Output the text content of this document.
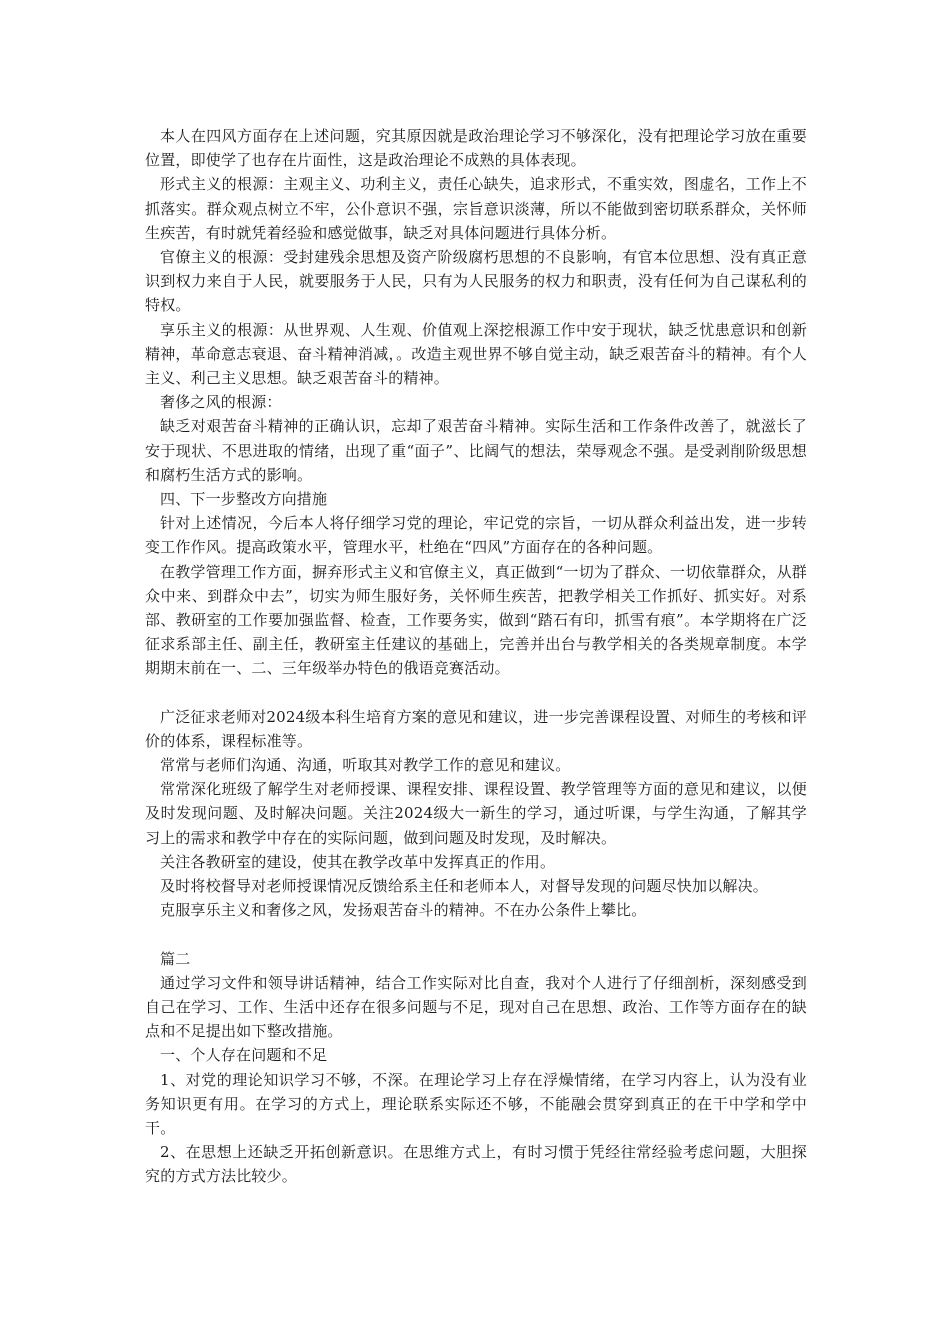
本人在四风方面存在上述问题，究其原因就是政治理论学习不够深化，没有把理论学习放在重要位置，即使学了也存在片面性，这是政治理论不成熟的具体表现。

形式主义的根源：主观主义、功利主义，责任心缺失，追求形式，不重实效，图虚名，工作上不抓落实。群众观点树立不牢，公仆意识不强，宗旨意识淡薄，所以不能做到密切联系群众，关怀师生疾苦，有时就凭着经验和感觉做事，缺乏对具体问题进行具体分析。

官僚主义的根源：受封建残余思想及资产阶级腐朽思想的不良影响，有官本位思想、没有真正意识到权力来自于人民，就要服务于人民，只有为人民服务的权力和职责，没有任何为自己谋私利的特权。

享乐主义的根源：从世界观、人生观、价值观上深挖根源工作中安于现状，缺乏忧患意识和创新精神，革命意志衰退、奋斗精神消减，。改造主观世界不够自觉主动，缺乏艰苦奋斗的精神。有个人主义、利己主义思想。缺乏艰苦奋斗的精神。

奢侈之风的根源：

缺乏对艰苦奋斗精神的正确认识，忘却了艰苦奋斗精神。实际生活和工作条件改善了，就滋长了安于现状、不思进取的情绪，出现了重“面子”、比阔气的想法，荣辱观念不强。是受剥削阶级思想和腐朽生活方式的影响。

四、下一步整改方向措施

针对上述情况，今后本人将仔细学习党的理论，牢记党的宗旨，一切从群众利益出发，进一步转变工作作风。提高政策水平，管理水平，杜绝在“四风”方面存在的各种问题。

在教学管理工作方面，摒弃形式主义和官僚主义，真正做到“一切为了群众、一切依靠群众，从群众中来、到群众中去”，切实为师生服好务，关怀师生疾苦，把教学相关工作抓好、抓实好。对系部、教研室的工作要加强监督、检查，工作要务实，做到“踏石有印，抓雪有痕”。本学期将在广泛征求系部主任、副主任，教研室主任建议的基础上，完善并出台与教学相关的各类规章制度。本学期期末前在一、二、三年级举办特色的俄语竞赛活动。

广泛征求老师对2024级本科生培育方案的意见和建议，进一步完善课程设置、对师生的考核和评价的体系，课程标准等。

常常与老师们沟通、沟通，听取其对教学工作的意见和建议。

常常深化班级了解学生对老师授课、课程安排、课程设置、教学管理等方面的意见和建议，以便及时发现问题、及时解决问题。关注2024级大一新生的学习，通过听课，与学生沟通，了解其学习上的需求和教学中存在的实际问题，做到问题及时发现，及时解决。

关注各教研室的建设，使其在教学改革中发挥真正的作用。

及时将校督导对老师授课情况反馈给系主任和老师本人，对督导发现的问题尽快加以解决。

克服享乐主义和奢侈之风，发扬艰苦奋斗的精神。不在办公条件上攀比。

篇二

通过学习文件和领导讲话精神，结合工作实际对比自查，我对个人进行了仔细剖析，深刻感受到自己在学习、工作、生活中还存在很多问题与不足，现对自己在思想、政治、工作等方面存在的缺点和不足提出如下整改措施。

一、个人存在问题和不足

1、对党的理论知识学习不够，不深。在理论学习上存在浮燥情绪，在学习内容上，认为没有业务知识更有用。在学习的方式上，理论联系实际还不够，不能融会贯穿到真正的在干中学和学中干。

2、在思想上还缺乏开拓创新意识。在思维方式上，有时习惯于凭经往常经验考虑问题，大胆探究的方式方法比较少。
